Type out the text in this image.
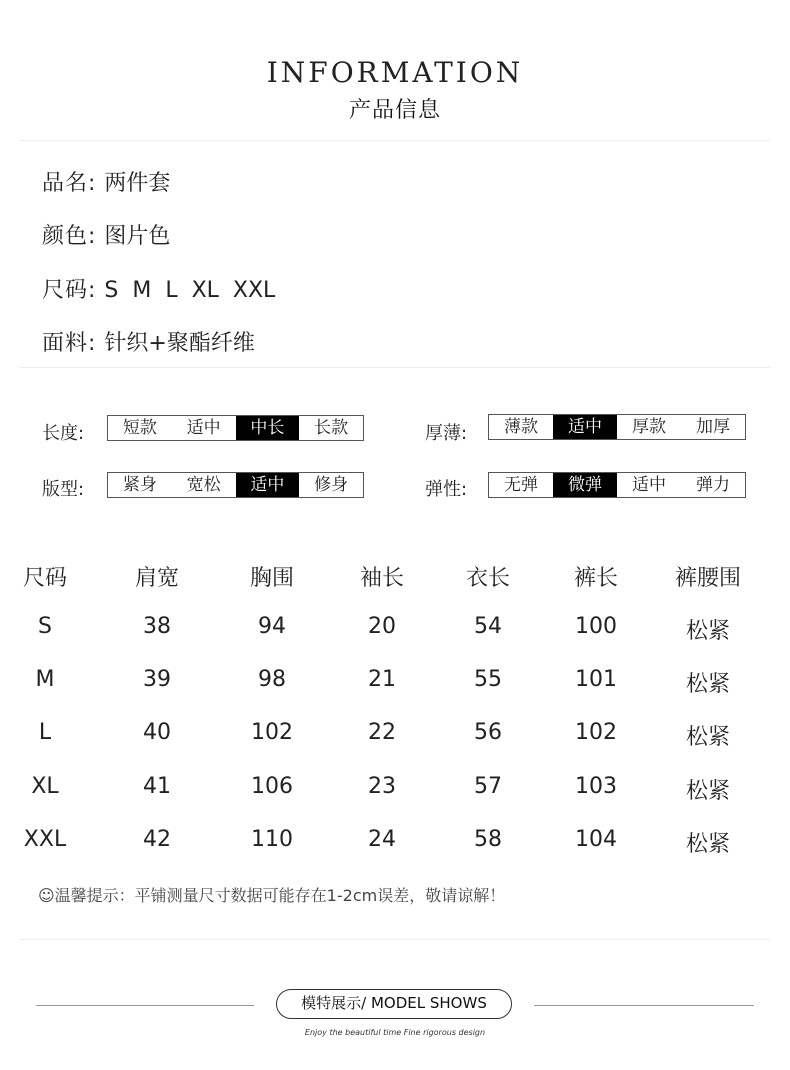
INFORMATION
产品信息
品名: 两件套
颜色: 图片色
尺码: S  M  L  XL  XXL
面料: 针织+聚酯纤维
长度:	短款	适中	中长	长款	厚薄:	薄款	适中	厚款	加厚
版型:	紧身	宽松	适中	修身	弹性:	无弹	微弹	适中	弹力
尺码	肩宽	胸围	袖长	衣长	裤长	裤腰围
S	38	94	20	54	100	松紧
M	39	98	21	55	101	松紧
L	40	102	22	56	102	松紧
XL	41	106	23	57	103	松紧
XXL	42	110	24	58	104	松紧
☺温馨提示：平铺测量尺寸数据可能存在1-2cm误差，敬请谅解！
模特展示/ MODEL SHOWS
Enjoy the beautiful time Fine rigorous design
